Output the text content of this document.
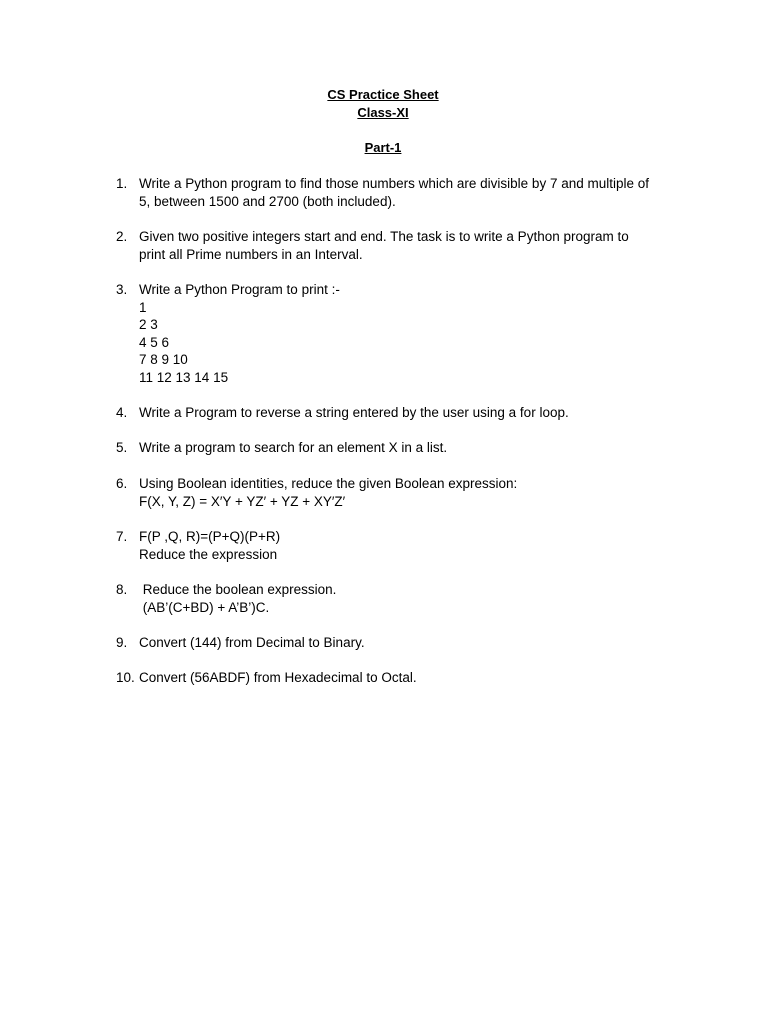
CS Practice Sheet
Class-XI
Part-1
1. Write a Python program to find those numbers which are divisible by 7 and multiple of
5, between 1500 and 2700 (both included).
2. Given two positive integers start and end. The task is to write a Python program to
print all Prime numbers in an Interval.
3. Write a Python Program to print :-
1
2 3
4 5 6
7 8 9 10
11 12 13 14 15
4. Write a Program to reverse a string entered by the user using a for loop.
5. Write a program to search for an element X in a list.
6. Using Boolean identities, reduce the given Boolean expression:
F(X, Y, Z) = X′Y + YZ′ + YZ + XY′Z′
7. F(P ,Q, R)=(P+Q)(P+R)
Reduce the expression
8. Reduce the boolean expression.
(AB’(C+BD) + A’B’)C.
9. Convert (144) from Decimal to Binary.
10. Convert (56ABDF) from Hexadecimal to Octal.
